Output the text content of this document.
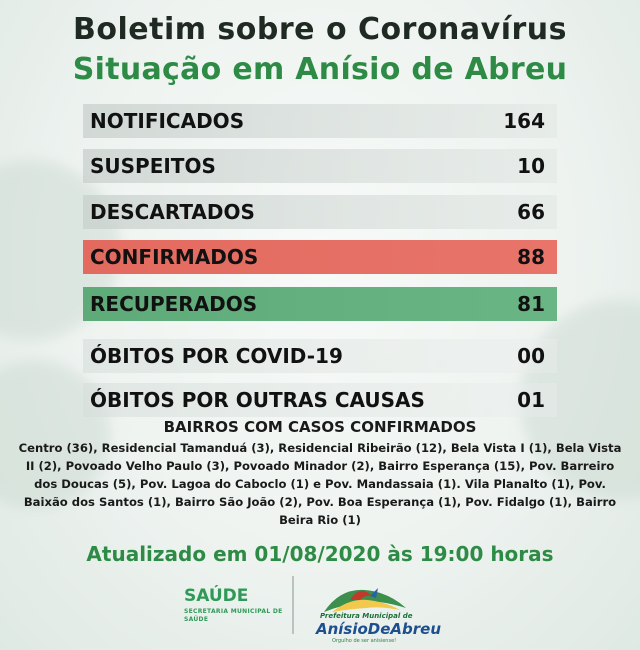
Boletim sobre o Coronavírus
Situação em Anísio de Abreu
NOTIFICADOS	164
SUSPEITOS	10
DESCARTADOS	66
CONFIRMADOS	88
RECUPERADOS	81
ÓBITOS POR COVID-19	00
ÓBITOS POR OUTRAS CAUSAS	01
BAIRROS COM CASOS CONFIRMADOS
Centro (36), Residencial Tamanduá (3), Residencial Ribeirão (12), Bela Vista I (1), Bela Vista II (2), Povoado Velho Paulo (3), Povoado Minador (2), Bairro Esperança (15), Pov. Barreiro dos Doucas (5), Pov. Lagoa do Caboclo (1) e Pov. Mandassaia (1). Vila Planalto (1), Pov. Baixão dos Santos (1), Bairro São João (2), Pov. Boa Esperança (1), Pov. Fidalgo (1), Bairro Beira Rio (1)
Atualizado em 01/08/2020 às 19:00 horas
SAÚDE
SECRETARIA MUNICIPAL DE SAÚDE	Prefeitura Municipal de
AnísioDeAbreu
Orgulho de ser anisiense!
